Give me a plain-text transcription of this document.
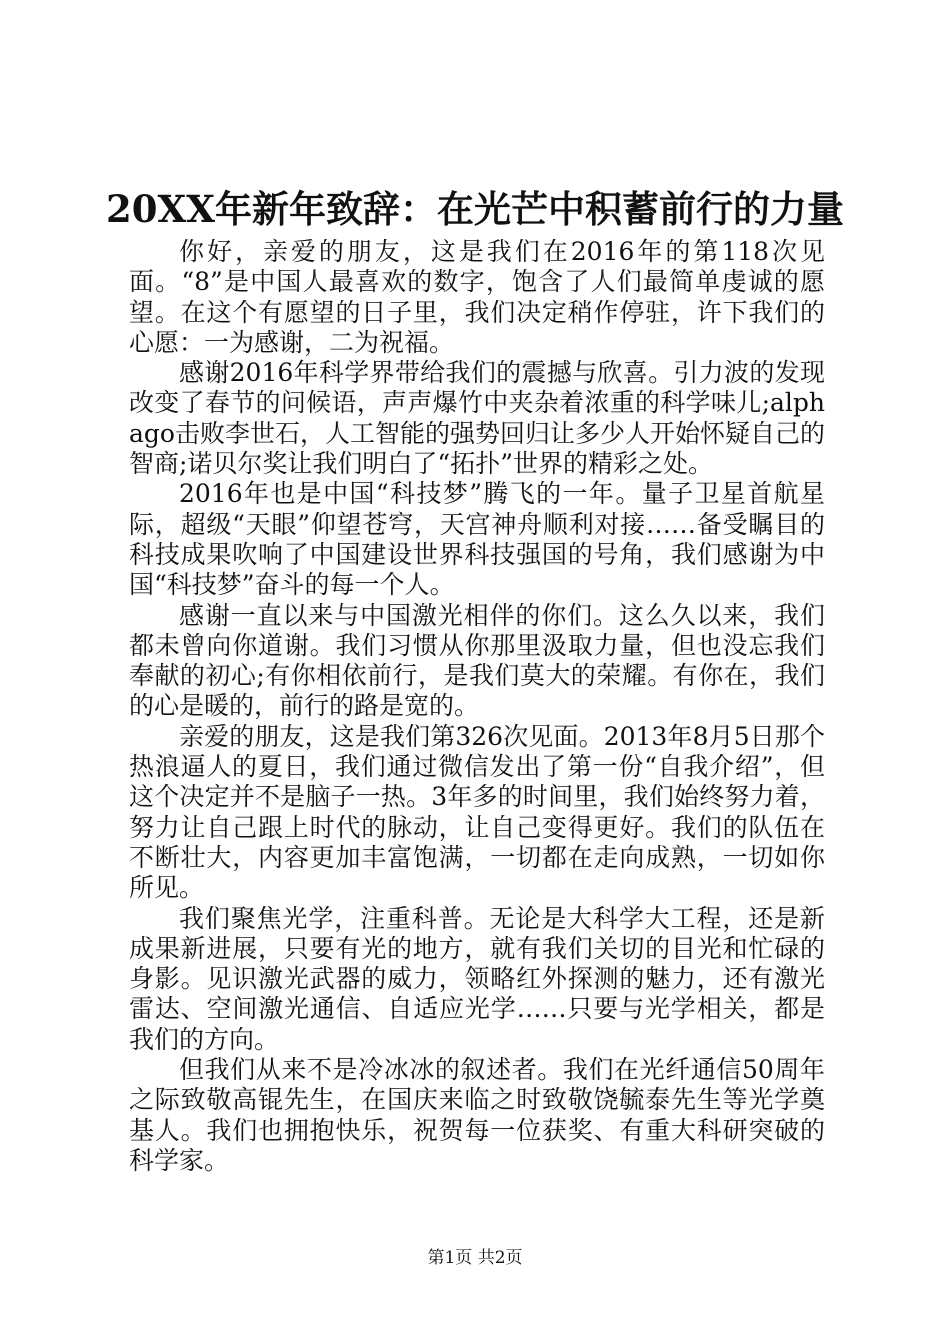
20XX年新年致辞：在光芒中积蓄前行的力量

你好，亲爱的朋友，这是我们在2016年的第118次见面。“8”是中国人最喜欢的数字，饱含了人们最简单虔诚的愿望。在这个有愿望的日子里，我们决定稍作停驻，许下我们的心愿：一为感谢，二为祝福。

感谢2016年科学界带给我们的震撼与欣喜。引力波的发现改变了春节的问候语，声声爆竹中夹杂着浓重的科学味儿;alphago击败李世石，人工智能的强势回归让多少人开始怀疑自己的智商;诺贝尔奖让我们明白了“拓扑”世界的精彩之处。

2016年也是中国“科技梦”腾飞的一年。量子卫星首航星际，超级“天眼”仰望苍穹，天宫神舟顺利对接……备受瞩目的科技成果吹响了中国建设世界科技强国的号角，我们感谢为中国“科技梦”奋斗的每一个人。

感谢一直以来与中国激光相伴的你们。这么久以来，我们都未曾向你道谢。我们习惯从你那里汲取力量，但也没忘我们奉献的初心;有你相依前行，是我们莫大的荣耀。有你在，我们的心是暖的，前行的路是宽的。

亲爱的朋友，这是我们第326次见面。2013年8月5日那个热浪逼人的夏日，我们通过微信发出了第一份“自我介绍”，但这个决定并不是脑子一热。3年多的时间里，我们始终努力着，努力让自己跟上时代的脉动，让自己变得更好。我们的队伍在不断壮大，内容更加丰富饱满，一切都在走向成熟，一切如你所见。

我们聚焦光学，注重科普。无论是大科学大工程，还是新成果新进展，只要有光的地方，就有我们关切的目光和忙碌的身影。见识激光武器的威力，领略红外探测的魅力，还有激光雷达、空间激光通信、自适应光学……只要与光学相关，都是我们的方向。

但我们从来不是冷冰冰的叙述者。我们在光纤通信50周年之际致敬高锟先生，在国庆来临之时致敬饶毓泰先生等光学奠基人。我们也拥抱快乐，祝贺每一位获奖、有重大科研突破的科学家。

第1页 共2页
